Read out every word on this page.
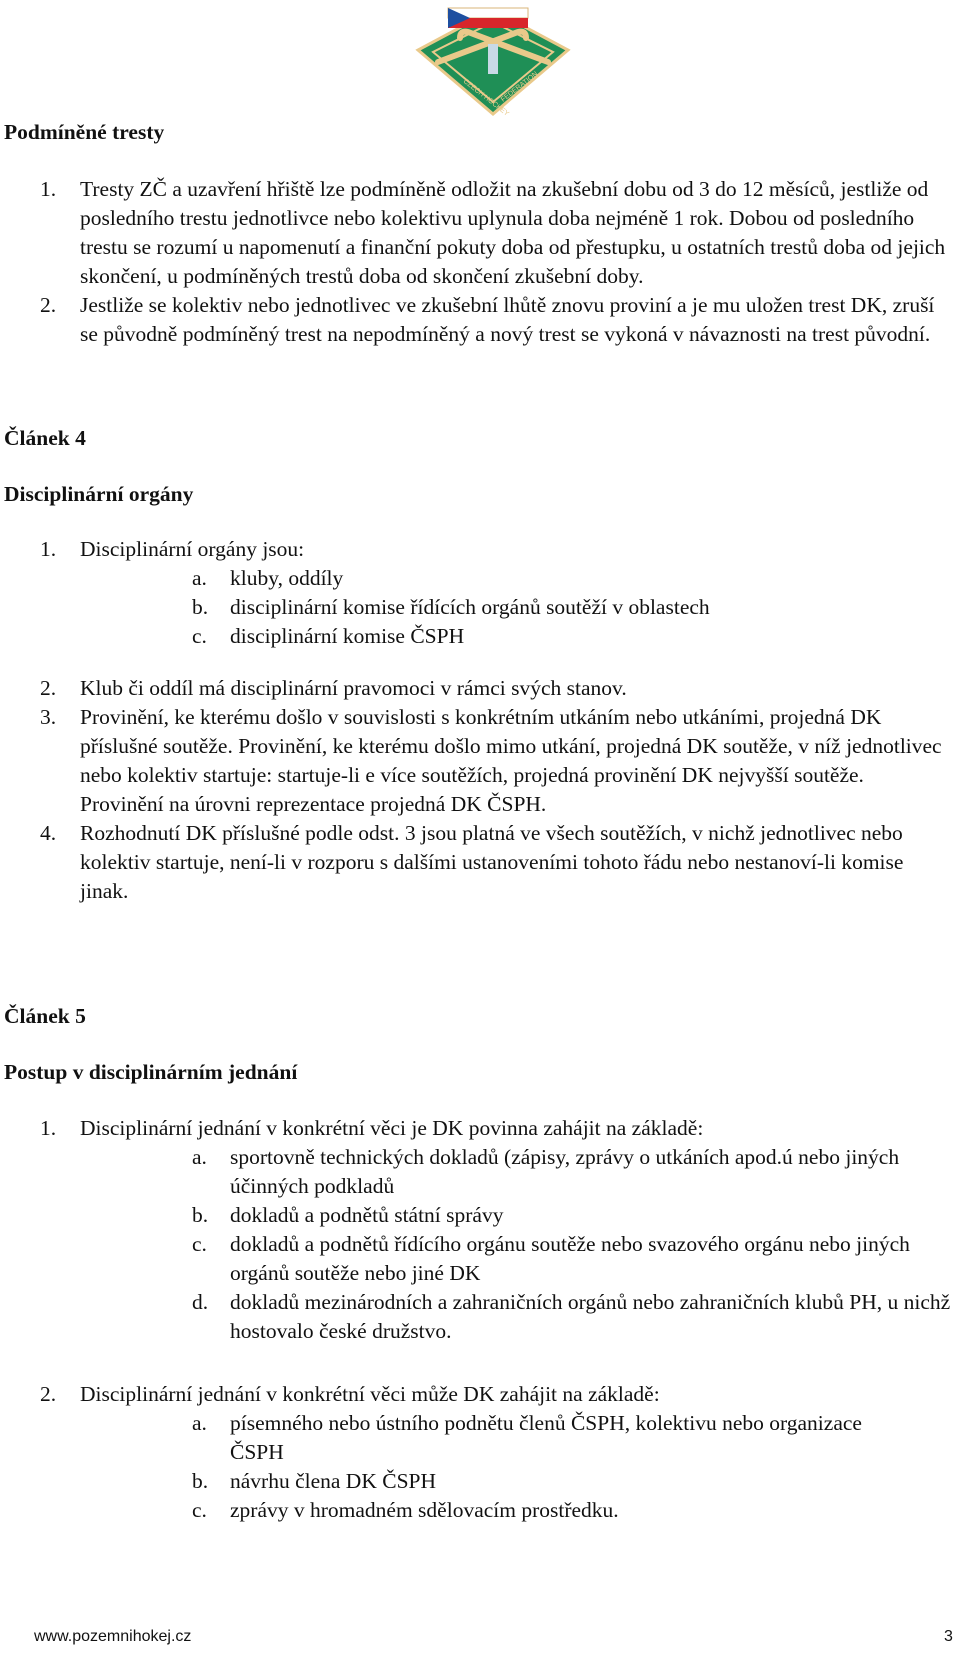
CZECH HOCKEY
FEDERATION
Podmíněné tresty
1. Tresty ZČ a uzavření hřiště lze podmíněně odložit na zkušební dobu od 3 do 12 měsíců, jestliže od posledního trestu jednotlivce nebo kolektivu uplynula doba nejméně 1 rok. Dobou od posledního trestu se rozumí u napomenutí a finanční pokuty doba od přestupku, u ostatních trestů doba od jejich skončení, u podmíněných trestů doba od skončení zkušební doby.
2. Jestliže se kolektiv nebo jednotlivec ve zkušební lhůtě znovu proviní a je mu uložen trest DK, zruší se původně podmíněný trest na nepodmíněný a nový trest se vykoná v návaznosti na trest původní.
Článek 4
Disciplinární orgány
1. Disciplinární orgány jsou:
a. kluby, oddíly
b. disciplinární komise řídících orgánů soutěží v oblastech
c. disciplinární komise ČSPH
2. Klub či oddíl má disciplinární pravomoci v rámci svých stanov.
3. Provinění, ke kterému došlo v souvislosti s konkrétním utkáním nebo utkáními, projedná DK příslušné soutěže. Provinění, ke kterému došlo mimo utkání, projedná DK soutěže, v níž jednotlivec nebo kolektiv startuje: startuje-li e více soutěžích, projedná provinění DK nejvyšší soutěže. Provinění na úrovni reprezentace projedná DK ČSPH.
4. Rozhodnutí DK příslušné podle odst. 3 jsou platná ve všech soutěžích, v nichž jednotlivec nebo kolektiv startuje, není-li v rozporu s dalšími ustanoveními tohoto řádu nebo nestanoví-li komise jinak.
Článek 5
Postup v disciplinárním jednání
1. Disciplinární jednání v konkrétní věci je DK povinna zahájit na základě:
a. sportovně technických dokladů (zápisy, zprávy o utkáních apod.ú nebo jiných účinných podkladů
b. dokladů a podnětů státní správy
c. dokladů a podnětů řídícího orgánu soutěže nebo svazového orgánu nebo jiných orgánů soutěže nebo jiné DK
d. dokladů mezinárodních a zahraničních orgánů nebo zahraničních klubů PH, u nichž hostovalo české družstvo.
2. Disciplinární jednání v konkrétní věci může DK zahájit na základě:
a. písemného nebo ústního podnětu členů ČSPH, kolektivu nebo organizace ČSPH
b. návrhu člena DK ČSPH
c. zprávy v hromadném sdělovacím prostředku.
www.pozemnihokej.cz	3
